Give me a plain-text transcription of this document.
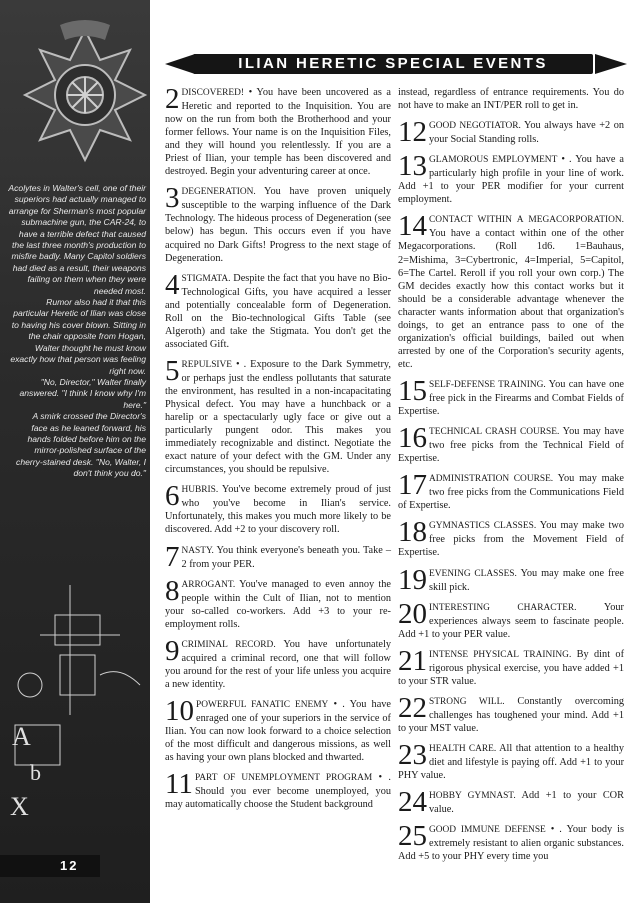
Acolytes in Walter's cell, one of their superiors had actually managed to arrange for Sherman's most popular submachine gun, the CAR-24, to have a terrible defect that caused the last three month's production to misfire badly. Many Capitol soldiers had died as a result, their weapons failing on them when they were needed most.

Rumor also had it that this particular Heretic of Ilian was close to having his cover blown. Sitting in the chair opposite from Hogan, Walter thought he must know exactly how that person was feeling right now.

"No, Director," Walter finally answered. "I think I know why I'm here."

A smirk crossed the Director's face as he leaned forward, his hands folded before him on the mirror-polished surface of the cherry-stained desk. "No, Walter, I don't think you do."

A
b
X
12
ILIAN HERETIC SPECIAL EVENTS
2 DISCOVERED! • You have been uncovered as a Heretic and reported to the Inquisition. You are now on the run from both the Brotherhood and your former fellows. Your name is on the Inquisition Files, and they will hound you relentlessly. If you are a Priest of Ilian, your temple has been discovered and destroyed. Begin your adventuring career at once.
3 DEGENERATION. You have proven uniquely susceptible to the warping influence of the Dark Technology. The hideous process of Degeneration (see below) has begun. This occurs even if you have acquired no Dark Gifts! Progress to the next stage of Degeneration.
4 STIGMATA. Despite the fact that you have no Bio-Technological Gifts, you have acquired a lesser and potentially concealable form of Degeneration. Roll on the Bio-technological Gifts Table (see Algeroth) and take the Stigmata. You don't get the associated Gift.
5 REPULSIVE • . Exposure to the Dark Symmetry, or perhaps just the endless pollutants that saturate the environment, has resulted in a non-incapacitating Physical defect. You may have a hunchback or a harelip or a spectacularly ugly face or give out a particularly pungent odor. This makes you immediately recognizable and distinct. Negotiate the exact nature of your defect with the GM. Under any circumstances, you should be repulsive.
6 HUBRIS. You've become extremely proud of just who you've become in Ilian's service. Unfortunately, this makes you much more likely to be discovered. Add +2 to your discovery roll.
7 NASTY. You think everyone's beneath you. Take –2 from your PER.
8 ARROGANT. You've managed to even annoy the people within the Cult of Ilian, not to mention your so-called co-workers. Add +3 to your re-employment rolls.
9 CRIMINAL RECORD. You have unfortunately acquired a criminal record, one that will follow you around for the rest of your life unless you acquire a new identity.
10 POWERFUL FANATIC ENEMY • . You have enraged one of your superiors in the service of Ilian. You can now look forward to a choice selection of the most difficult and dangerous missions, as well as having your own plans blocked and thwarted.
11 PART OF UNEMPLOYMENT PROGRAM • . Should you ever become unemployed, you may automatically choose the Student background
instead, regardless of entrance requirements. You do not have to make an INT/PER roll to get in.
12 GOOD NEGOTIATOR. You always have +2 on your Social Standing rolls.
13 GLAMOROUS EMPLOYMENT • . You have a particularly high profile in your line of work. Add +1 to your PER modifier for your current employment.
14 CONTACT WITHIN A MEGACORPORATION. You have a contact within one of the other Megacorporations. (Roll 1d6. 1=Bauhaus, 2=Mishima, 3=Cybertronic, 4=Imperial, 5=Capitol, 6=The Cartel. Reroll if you roll your own corp.) The GM decides exactly how this contact works but it should be a considerable advantage whenever the character wants information about that organization's doings, to get an entrance pass to one of the organization's official buildings, bailed out when arrested by one of the Corporation's security agents, etc.
15 SELF-DEFENSE TRAINING. You can have one free pick in the Firearms and Combat Fields of Expertise.
16 TECHNICAL CRASH COURSE. You may have two free picks from the Technical Field of Expertise.
17 ADMINISTRATION COURSE. You may make two free picks from the Communications Field of Expertise.
18 GYMNASTICS CLASSES. You may make two free picks from the Movement Field of Expertise.
19 EVENING CLASSES. You may make one free skill pick.
20 INTERESTING CHARACTER. Your experiences always seem to fascinate people. Add +1 to your PER value.
21 INTENSE PHYSICAL TRAINING. By dint of rigorous physical exercise, you have added +1 to your STR value.
22 STRONG WILL. Constantly overcoming challenges has toughened your mind. Add +1 to your MST value.
23 HEALTH CARE. All that attention to a healthy diet and lifestyle is paying off. Add +1 to your PHY value.
24 HOBBY GYMNAST. Add +1 to your COR value.
25 GOOD IMMUNE DEFENSE • . Your body is extremely resistant to alien organic substances. Add +5 to your PHY every time you
